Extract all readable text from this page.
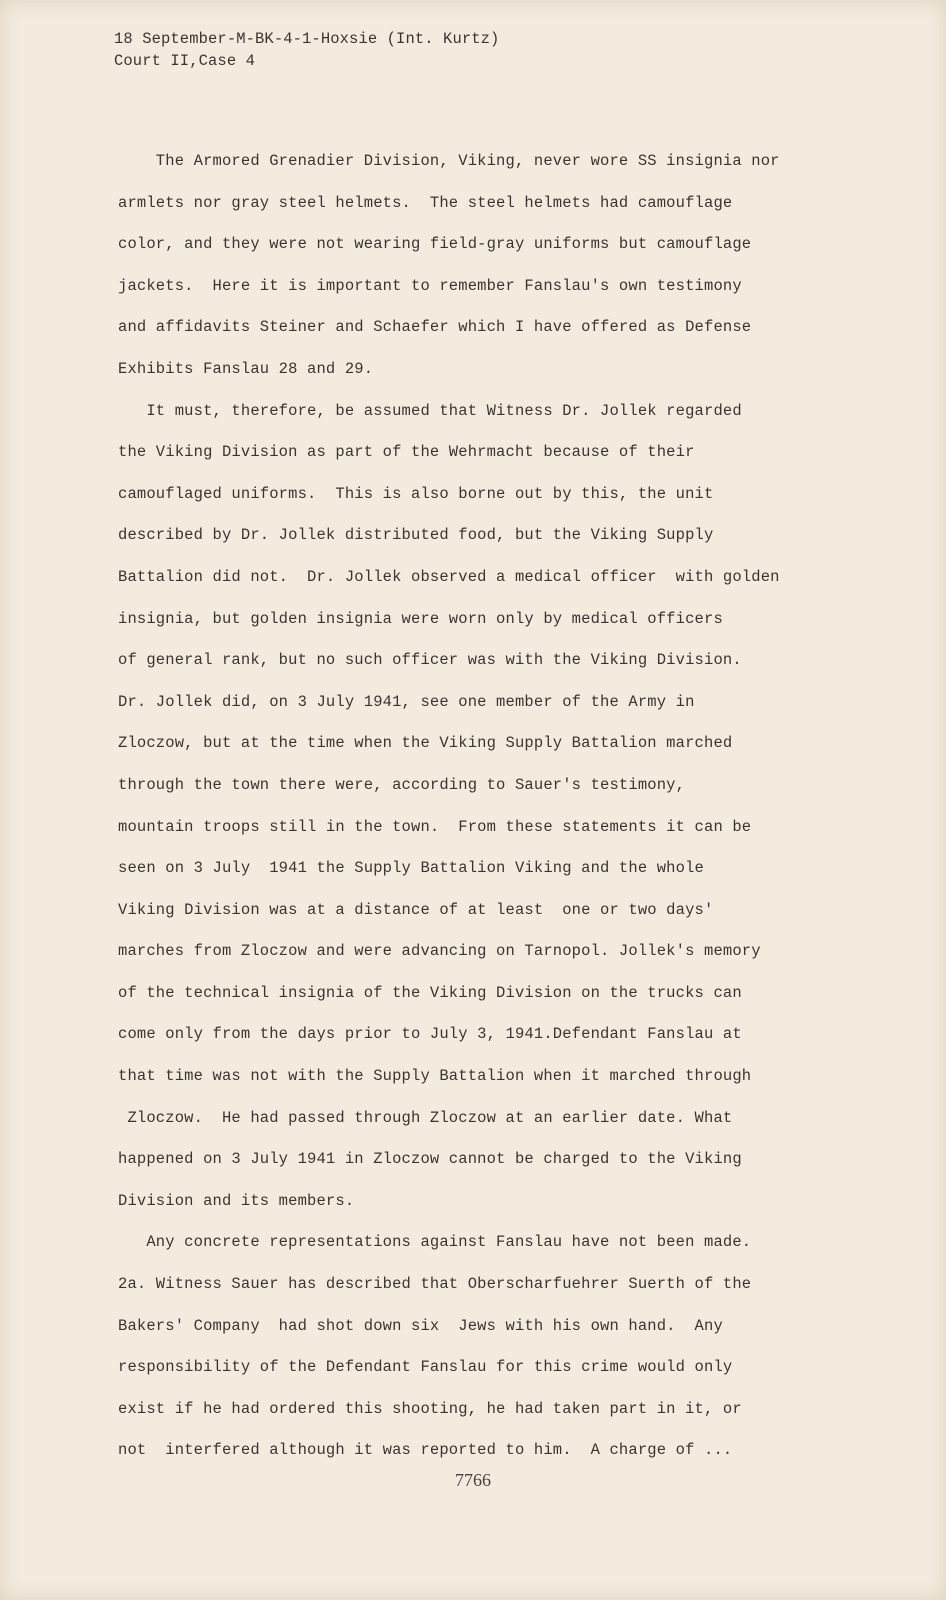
18 September-M-BK-4-1-Hoxsie (Int. Kurtz)
Court II,Case 4
The Armored Grenadier Division, Viking, never wore SS insignia nor
armlets nor gray steel helmets.  The steel helmets had camouflage
color, and they were not wearing field-gray uniforms but camouflage
jackets.  Here it is important to remember Fanslau's own testimony
and affidavits Steiner and Schaefer which I have offered as Defense
Exhibits Fanslau 28 and 29.
It must, therefore, be assumed that Witness Dr. Jollek regarded
the Viking Division as part of the Wehrmacht because of their
camouflaged uniforms.  This is also borne out by this, the unit
described by Dr. Jollek distributed food, but the Viking Supply
Battalion did not.  Dr. Jollek observed a medical officer  with golden
insignia, but golden insignia were worn only by medical officers
of general rank, but no such officer was with the Viking Division.
Dr. Jollek did, on 3 July 1941, see one member of the Army in
Zloczow, but at the time when the Viking Supply Battalion marched
through the town there were, according to Sauer's testimony,
mountain troops still in the town.  From these statements it can be
seen on 3 July  1941 the Supply Battalion Viking and the whole
Viking Division was at a distance of at least  one or two days'
marches from Zloczow and were advancing on Tarnopol. Jollek's memory
of the technical insignia of the Viking Division on the trucks can
come only from the days prior to July 3, 1941.Defendant Fanslau at
that time was not with the Supply Battalion when it marched through
Zloczow.  He had passed through Zloczow at an earlier date. What
happened on 3 July 1941 in Zloczow cannot be charged to the Viking
Division and its members.
Any concrete representations against Fanslau have not been made.
2a. Witness Sauer has described that Oberscharfuehrer Suerth of the
Bakers' Company  had shot down six  Jews with his own hand.  Any
responsibility of the Defendant Fanslau for this crime would only
exist if he had ordered this shooting, he had taken part in it, or
not  interfered although it was reported to him.  A charge of ...
7766
